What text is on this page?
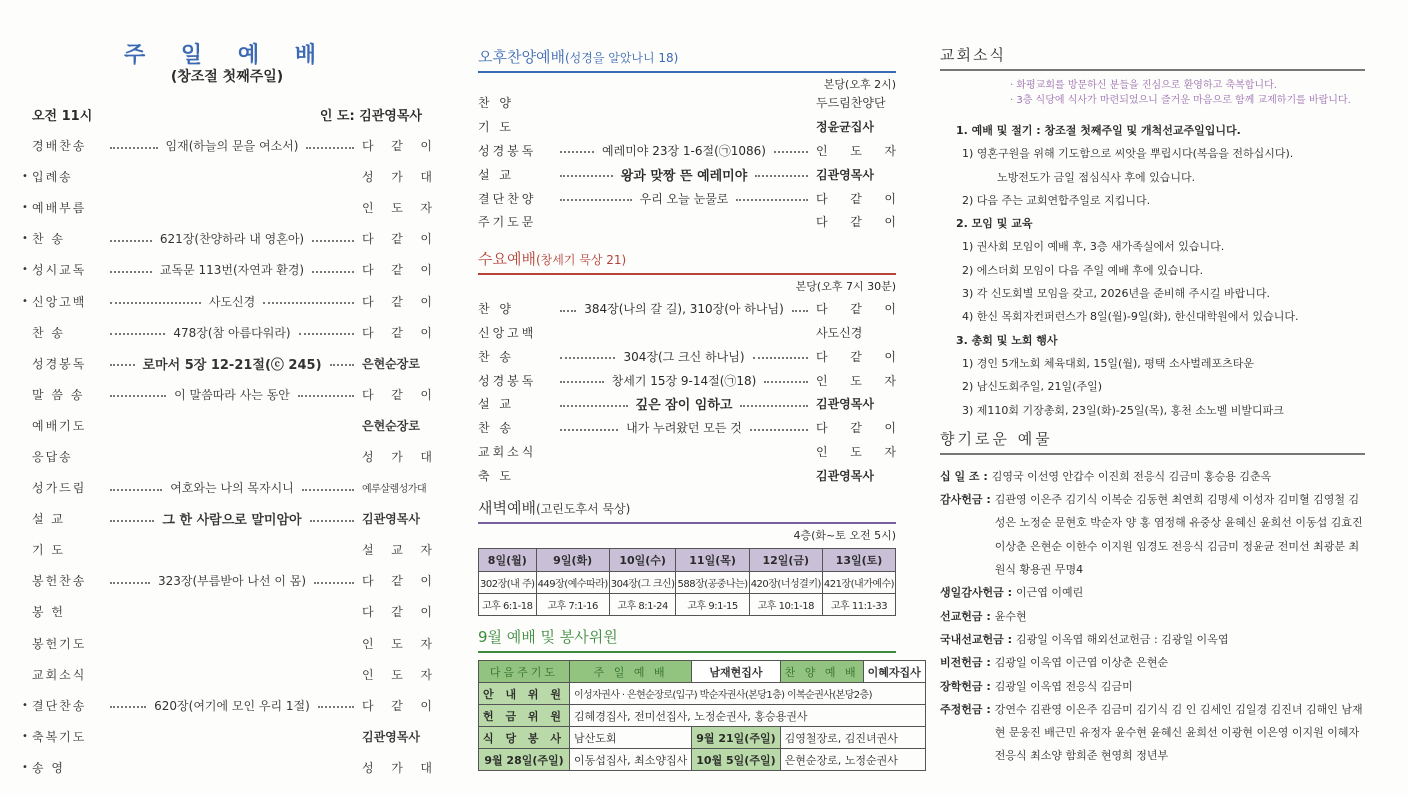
주 일 예 배
(창조절 첫째주일)
오전 11시	인 도: 김관영목사
경배찬송	임재(하늘의 문을 여소서)	다 같 이
• 입례송	성 가 대
• 예배부름	인 도 자
• 찬 송	621장(찬양하라 내 영혼아)	다 같 이
• 성시교독	교독문 113번(자연과 환경)	다 같 이
• 신앙고백	사도신경	다 같 이
찬 송	478장(참 아름다워라)	다 같 이
성경봉독	로마서 5장 12-21절(ⓒ 245)	은현순장로
말 씀 송	이 말씀따라 사는 동안	다 같 이
예배기도	은현순장로
응답송	성 가 대
성가드림	여호와는 나의 목자시니	예루살렘성가대
설 교	그 한 사람으로 말미암아	김관영목사
기 도	설 교 자
봉헌찬송	323장(부름받아 나선 이 몸)	다 같 이
봉 헌	다 같 이
봉헌기도	인 도 자
교회소식	인 도 자
• 결단찬송	620장(여기에 모인 우리 1절)	다 같 이
• 축복기도	김관영목사
• 송 영	성 가 대
오후찬양예배(성경을 알았나니 18)
본당(오후 2시)
찬 양	두드림찬양단
기 도	정윤균집사
성경봉독	예레미야 23장 1-6절(㉠1086)	인 도 자
설 교	왕과 맞짱 뜬 예레미야	김관영목사
결단찬양	우리 오늘 눈물로	다 같 이
주기도문	다 같 이
수요예배(창세기 묵상 21)
본당(오후 7시 30분)
찬 양	384장(나의 갈 길), 310장(아 하나님)	다 같 이
신앙고백	사도신경
찬 송	304장(그 크신 하나님)	다 같 이
성경봉독	창세기 15장 9-14절(㉠18)	인 도 자
설 교	깊은 잠이 임하고	김관영목사
찬 송	내가 누려왔던 모든 것	다 같 이
교회소식	인 도 자
축 도	김관영목사
새벽예배(고린도후서 묵상)
4층(화~토 오전 5시)
8일(월)	9일(화)	10일(수)	11일(목)	12일(금)	13일(토)
302장(내 주)	449장(예수따라)	304장(그 크신)	588장(공중나는)	420장(너성결키)	421장(내가예수)
고후 6:1-18	고후 7:1-16	고후 8:1-24	고후 9:1-15	고후 10:1-18	고후 11:1-33
9월 예배 및 봉사위원
다음주기도	주 일 예 배	남재현집사	찬 양 예 배	이혜자집사
안 내 위 원	이성자권사 · 은현순장로(입구) 박순자권사(본당1층) 이복순권사(본당2층)			
헌 금 위 원	김혜경집사, 전미선집사, 노정순권사, 홍승용권사			
식 당 봉 사	남산도회	9월 21일(주일)	김영철장로, 김진녀권사	
9월 28일(주일)	이동섭집사, 최소양집사	10월 5일(주일)	은현순장로, 노정순권사	
교회소식
· 화평교회를 방문하신 분들을 진심으로 환영하고 축복합니다.
· 3층 식당에 식사가 마련되었으니 즐거운 마음으로 함께 교제하기를 바랍니다.
1. 예배 및 절기 : 창조절 첫째주일 및 개척선교주일입니다.
1) 영혼구원을 위해 기도함으로 씨앗을 뿌립시다(복음을 전하십시다).
노방전도가 금일 점심식사 후에 있습니다.
2) 다음 주는 교회연합주일로 지킵니다.
2. 모임 및 교육
1) 권사회 모임이 예배 후, 3층 새가족실에서 있습니다.
2) 에스더회 모임이 다음 주일 예배 후에 있습니다.
3) 각 신도회별 모임을 갖고, 2026년을 준비해 주시길 바랍니다.
4) 한신 목회자컨퍼런스가 8일(월)-9일(화), 한신대학원에서 있습니다.
3. 총회 및 노회 행사
1) 경인 5개노회 체육대회, 15일(월), 평택 소사벌레포츠타운
2) 남신도회주일, 21일(주일)
3) 제110회 기장총회, 23일(화)-25일(목), 홍천 소노벨 비발디파크
향기로운 예물
십 일 조 : 김영국 이선영 안갑수 이진희 전응식 김금미 홍승용 김춘옥
감사헌금 : 김관영 이은주 김기식 이복순 김동현 최연희 김명세 이성자 김미혈 김영철 김성은 노정순 문현호 박순자 양 홍 염정해 유중상 윤혜신 윤희선 이동섭 김효진 이상춘 은현순 이한수 이지원 임경도 전응식 김금미 정윤균 전미선 최광분 최원식 황용권 무명4
생일감사헌금 : 이근엽 이예린
선교헌금 : 윤수현
국내선교헌금 : 김광일 이옥엽 해외선교헌금 : 김광일 이옥엽
비전헌금 : 김광일 이옥엽 이근엽 이상춘 은현순
장학헌금 : 김광일 이옥엽 전응식 김금미
주정헌금 : 강연수 김관영 이은주 김금미 김기식 김 인 김세인 김일경 김진녀 김해인 남재현 문웅진 배근민 유정자 윤수현 윤혜신 윤희선 이광현 이은영 이지원 이혜자 전응식 최소양 함희준 현영희 정년부
